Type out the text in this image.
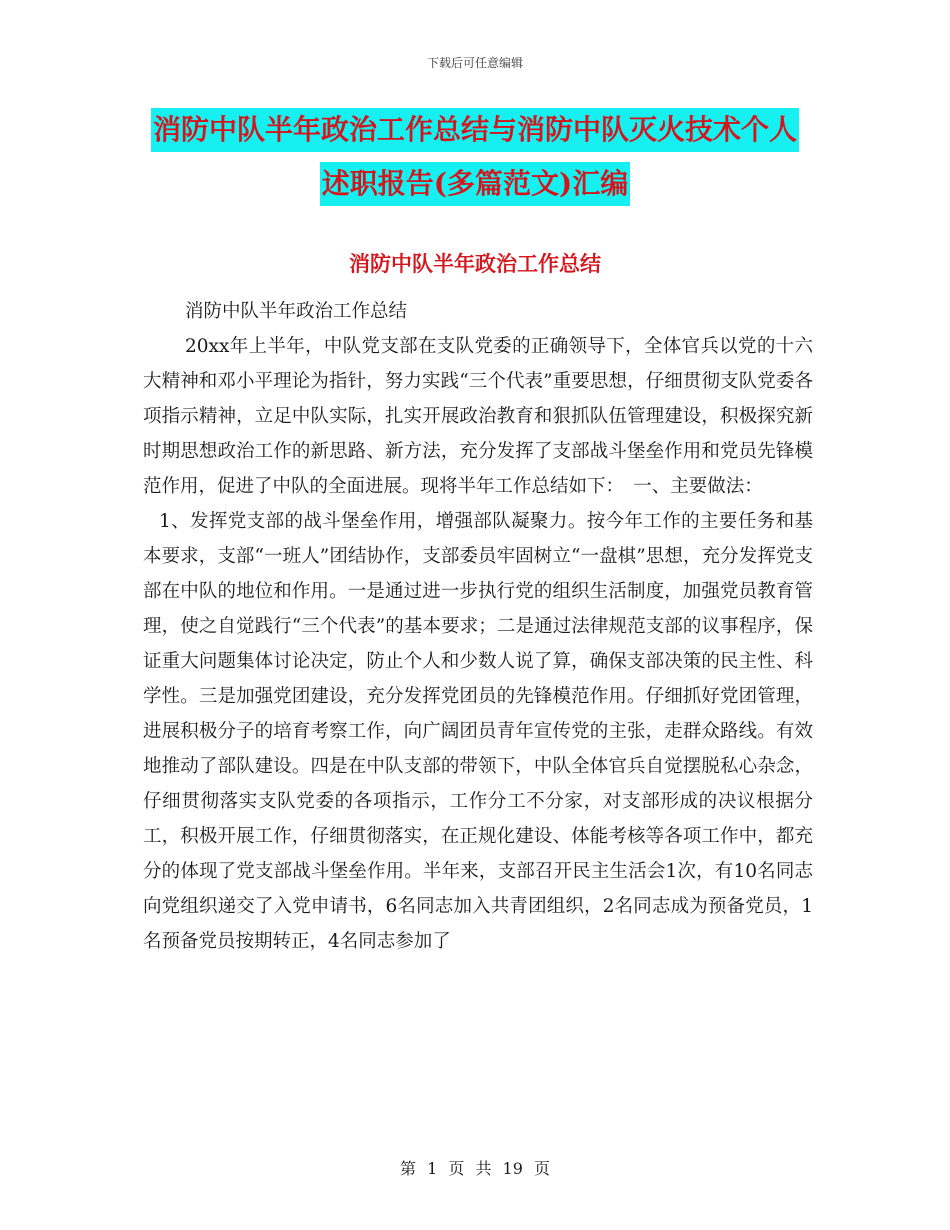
下载后可任意编辑
消防中队半年政治工作总结与消防中队灭火技术个人
述职报告(多篇范文)汇编
消防中队半年政治工作总结

消防中队半年政治工作总结

20xx年上半年，中队党支部在支队党委的正确领导下，全体官兵以党的十六大精神和邓小平理论为指针，努力实践“三个代表”重要思想，仔细贯彻支队党委各项指示精神，立足中队实际，扎实开展政治教育和狠抓队伍管理建设，积极探究新时期思想政治工作的新思路、新方法，充分发挥了支部战斗堡垒作用和党员先锋模范作用，促进了中队的全面进展。现将半年工作总结如下：　一、主要做法：

1、发挥党支部的战斗堡垒作用，增强部队凝聚力。按今年工作的主要任务和基本要求，支部“一班人”团结协作，支部委员牢固树立“一盘棋”思想，充分发挥党支部在中队的地位和作用。一是通过进一步执行党的组织生活制度，加强党员教育管理，使之自觉践行“三个代表”的基本要求；二是通过法律规范支部的议事程序，保证重大问题集体讨论决定，防止个人和少数人说了算，确保支部决策的民主性、科学性。三是加强党团建设，充分发挥党团员的先锋模范作用。仔细抓好党团管理，进展积极分子的培育考察工作，向广阔团员青年宣传党的主张，走群众路线。有效地推动了部队建设。四是在中队支部的带领下，中队全体官兵自觉摆脱私心杂念，仔细贯彻落实支队党委的各项指示，工作分工不分家，对支部形成的决议根据分工，积极开展工作，仔细贯彻落实，在正规化建设、体能考核等各项工作中，都充分的体现了党支部战斗堡垒作用。半年来，支部召开民主生活会1次，有10名同志向党组织递交了入党申请书，6名同志加入共青团组织，2名同志成为预备党员，1名预备党员按期转正，4名同志参加了

第 1 页 共 19 页
